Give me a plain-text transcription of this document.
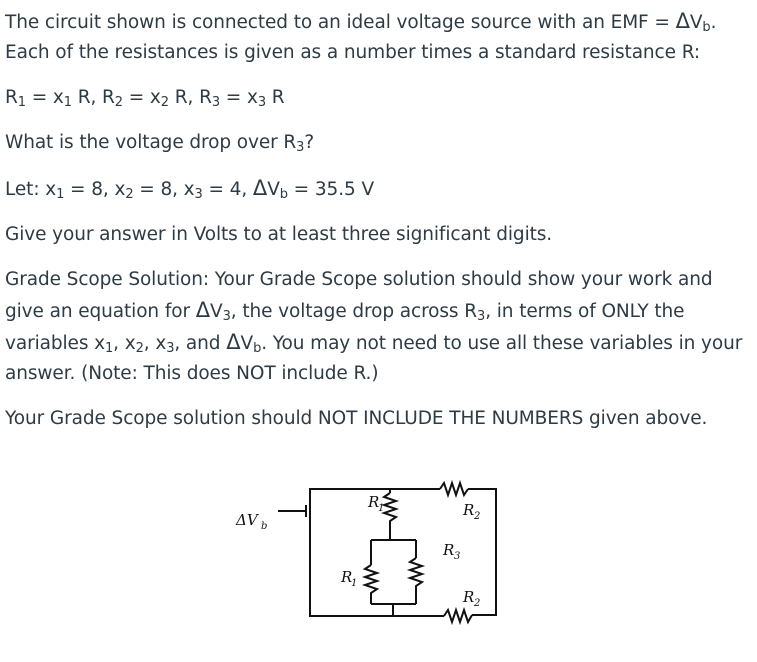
The circuit shown is connected to an ideal voltage source with an EMF = $\Delta V_b$. Each of the resistances is given as a number times a standard resistance R:

$R_1 = x_1$ R, $R_2 = x_2$ R, $R_3 = x_3$ R

What is the voltage drop over $R_3$?

Let: $x_1 = 8$, $x_2 = 8$, $x_3 = 4$, $\Delta V_b = 35.5$ V

Give your answer in Volts to at least three significant digits.

Grade Scope Solution: Your Grade Scope solution should show your work and give an equation for $\Delta V_3$, the voltage drop across $R_3$, in terms of ONLY the variables $x_1$, $x_2$, $x_3$, and $\Delta V_b$. You may not need to use all these variables in your answer. (Note: This does NOT include R.)

Your Grade Scope solution should NOT INCLUDE THE NUMBERS given above.

ΔV b
R
1	R 2
R 3
R
1
R 2
